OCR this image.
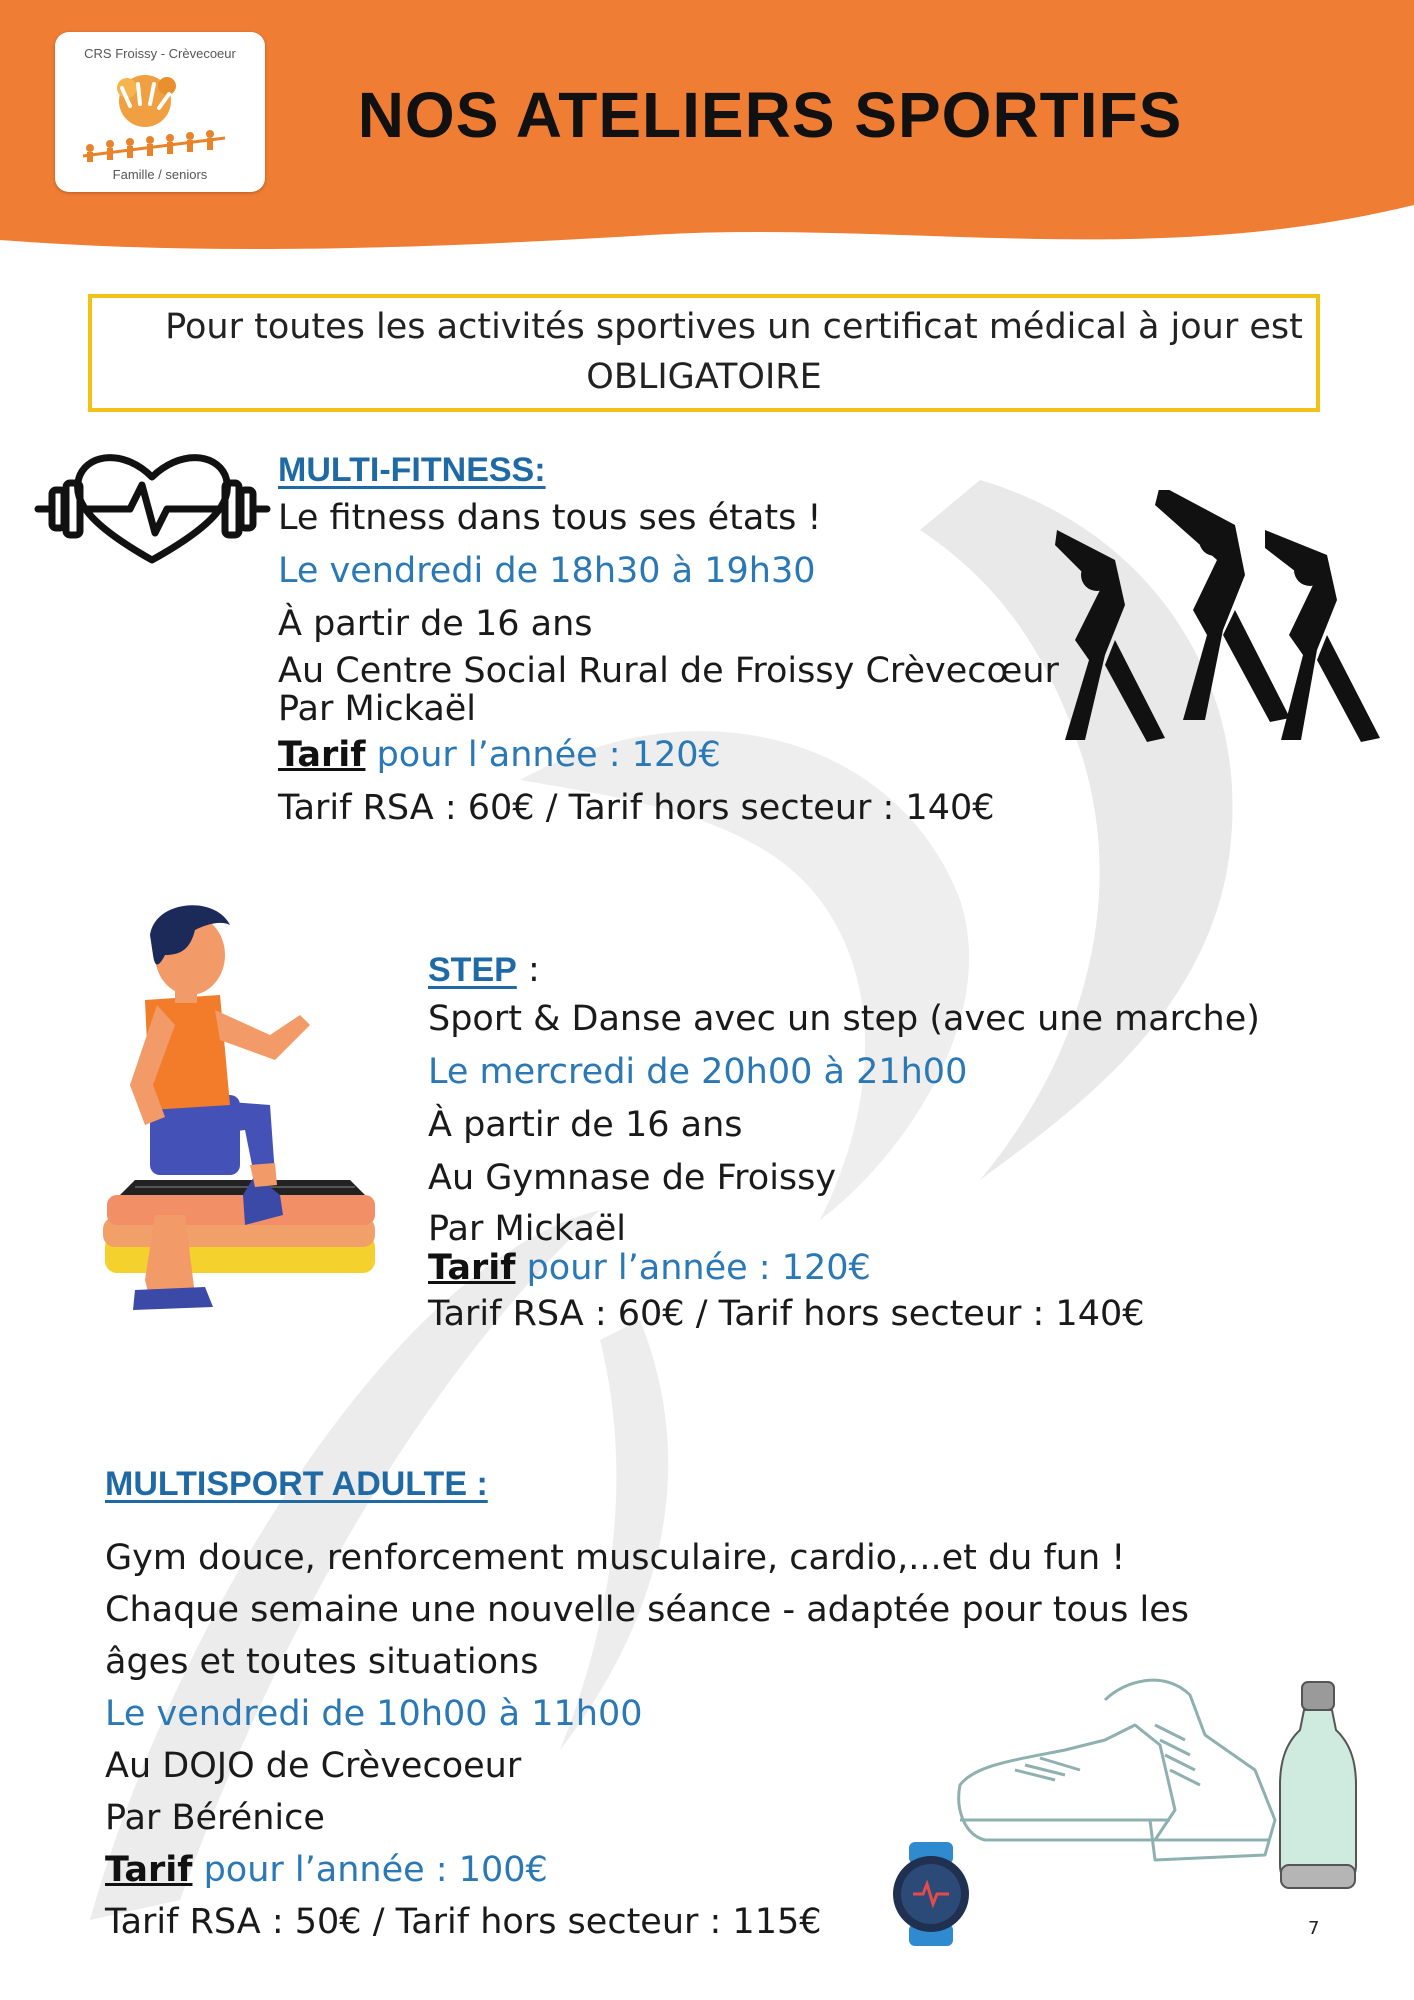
CRS Froissy - Crèvecoeur
Famille / seniors
NOS ATELIERS SPORTIFS
Pour toutes les activités sportives un certificat médical à jour est
OBLIGATOIRE
MULTI-FITNESS:
Le fitness dans tous ses états !
Le vendredi de 18h30 à 19h30
À partir de 16 ans
Au Centre Social Rural de Froissy Crèvecœur
Par Mickaël
Tarif pour l’année : 120€
Tarif RSA : 60€ / Tarif hors secteur : 140€
STEP :
Sport & Danse avec un step (avec une marche)
Le mercredi de 20h00 à 21h00
À partir de 16 ans
Au Gymnase de Froissy
Par Mickaël
Tarif pour l’année : 120€
Tarif RSA : 60€ / Tarif hors secteur : 140€
MULTISPORT ADULTE :
Gym douce, renforcement musculaire, cardio,...et du fun !
Chaque semaine une nouvelle séance - adaptée pour tous les
âges et toutes situations
Le vendredi de 10h00 à 11h00
Au DOJO de Crèvecoeur
Par Bérénice
Tarif pour l’année : 100€
Tarif RSA : 50€ / Tarif hors secteur : 115€	7
